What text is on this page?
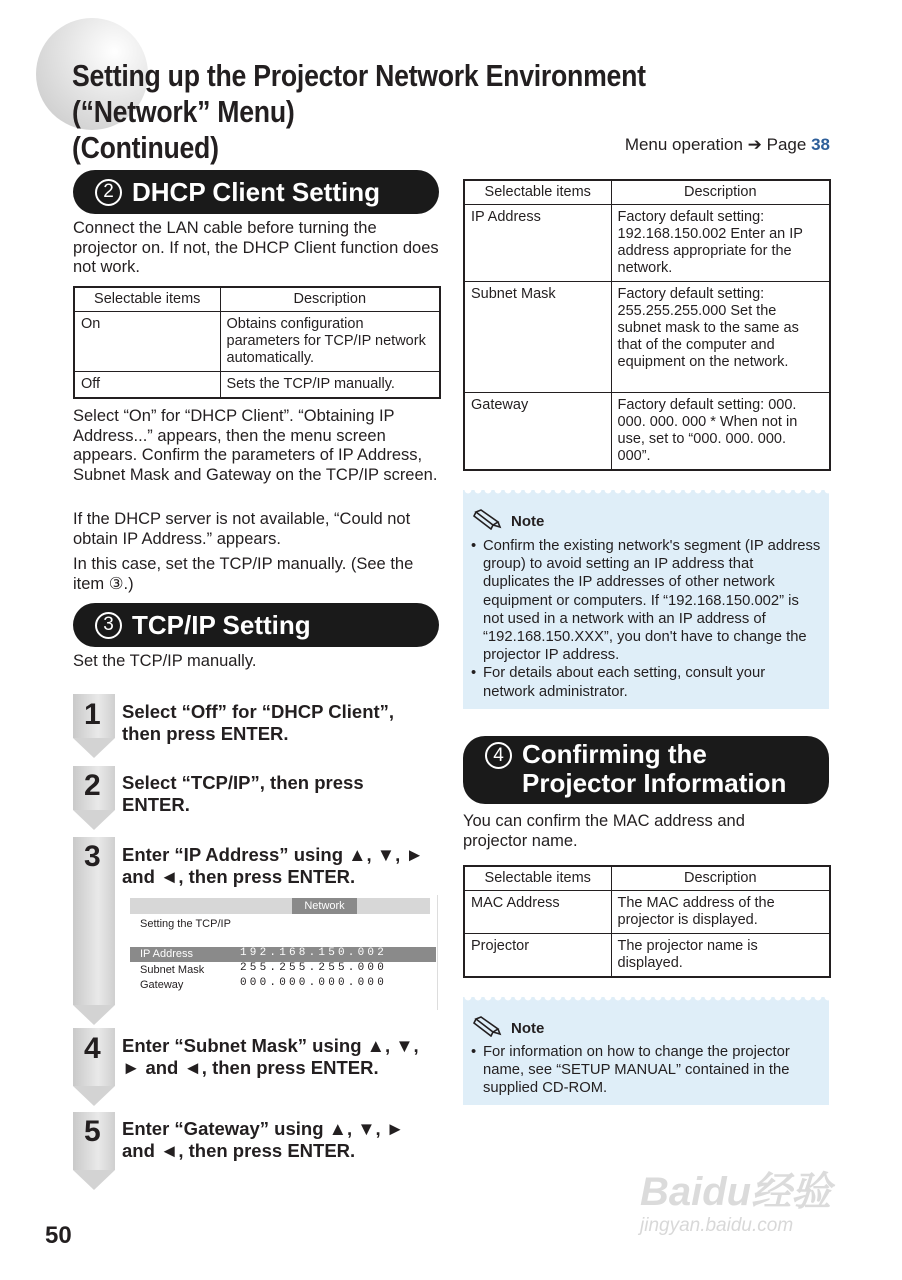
Setting up the Projector Network Environment (“Network” Menu)
(Continued)	Menu operation ➔ Page 38
2 DHCP Client Setting
Connect the LAN cable before turning the projector on. If not, the DHCP Client function does not work.
Selectable items	Description
On	Obtains configuration parameters for TCP/IP network automatically.
Off	Sets the TCP/IP manually.
Select “On” for “DHCP Client”. “Obtaining IP Address...” appears, then the menu screen appears. Confirm the parameters of IP Address, Subnet Mask and Gateway on the TCP/IP screen.
If the DHCP server is not available, “Could not obtain IP Address.” appears.
In this case, set the TCP/IP manually. (See the item ③.)
3 TCP/IP Setting
Set the TCP/IP manually.
1 Select “Off” for “DHCP Client”,
then press ENTER.
2 Select “TCP/IP”, then press
ENTER.
3 Enter “IP Address” using ▲, ▼, ►
and ◄, then press ENTER.
Network
Setting the TCP/IP
IP Address	192.168.150.002
Subnet Mask	255.255.255.000
Gateway	000.000.000.000
4 Enter “Subnet Mask” using ▲, ▼,
► and ◄, then press ENTER.
5 Enter “Gateway” using ▲, ▼, ►
and ◄, then press ENTER.
Selectable items	Description
IP Address	Factory default setting: 192.168.150.002 Enter an IP address appropriate for the network.
Subnet Mask	Factory default setting: 255.255.255.000 Set the subnet mask to the same as that of the computer and equipment on the network.
Gateway	Factory default setting: 000. 000. 000. 000 * When not in use, set to “000. 000. 000. 000”.
Note
• Confirm the existing network's segment (IP address group) to avoid setting an IP address that duplicates the IP addresses of other network equipment or computers. If “192.168.150.002” is not used in a network with an IP address of “192.168.150.XXX”, you don't have to change the projector IP address.
• For details about each setting, consult your network administrator.
4 Confirming the
Projector Information
You can confirm the MAC address and projector name.
Selectable items	Description
MAC Address	The MAC address of the projector is displayed.
Projector	The projector name is displayed.
Note
• For information on how to change the projector name, see “SETUP MANUAL” contained in the supplied CD-ROM.
50
Baidu经验
jingyan.baidu.com
